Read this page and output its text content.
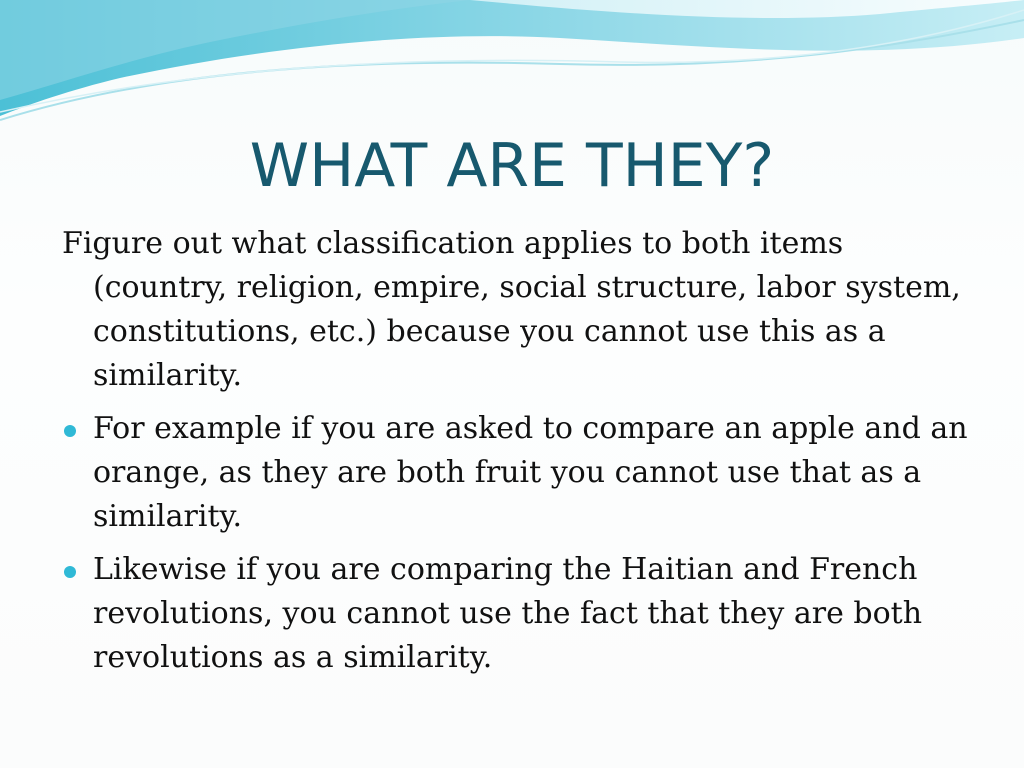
WHAT ARE THEY?

Figure out what classification applies to both items (country, religion, empire, social structure, labor system, constitutions, etc.) because you cannot use this as a similarity.

For example if you are asked to compare an apple and an orange, as they are both fruit you cannot use that as a similarity.
Likewise if you are comparing the Haitian and French revolutions, you cannot use the fact that they are both revolutions as a similarity.
